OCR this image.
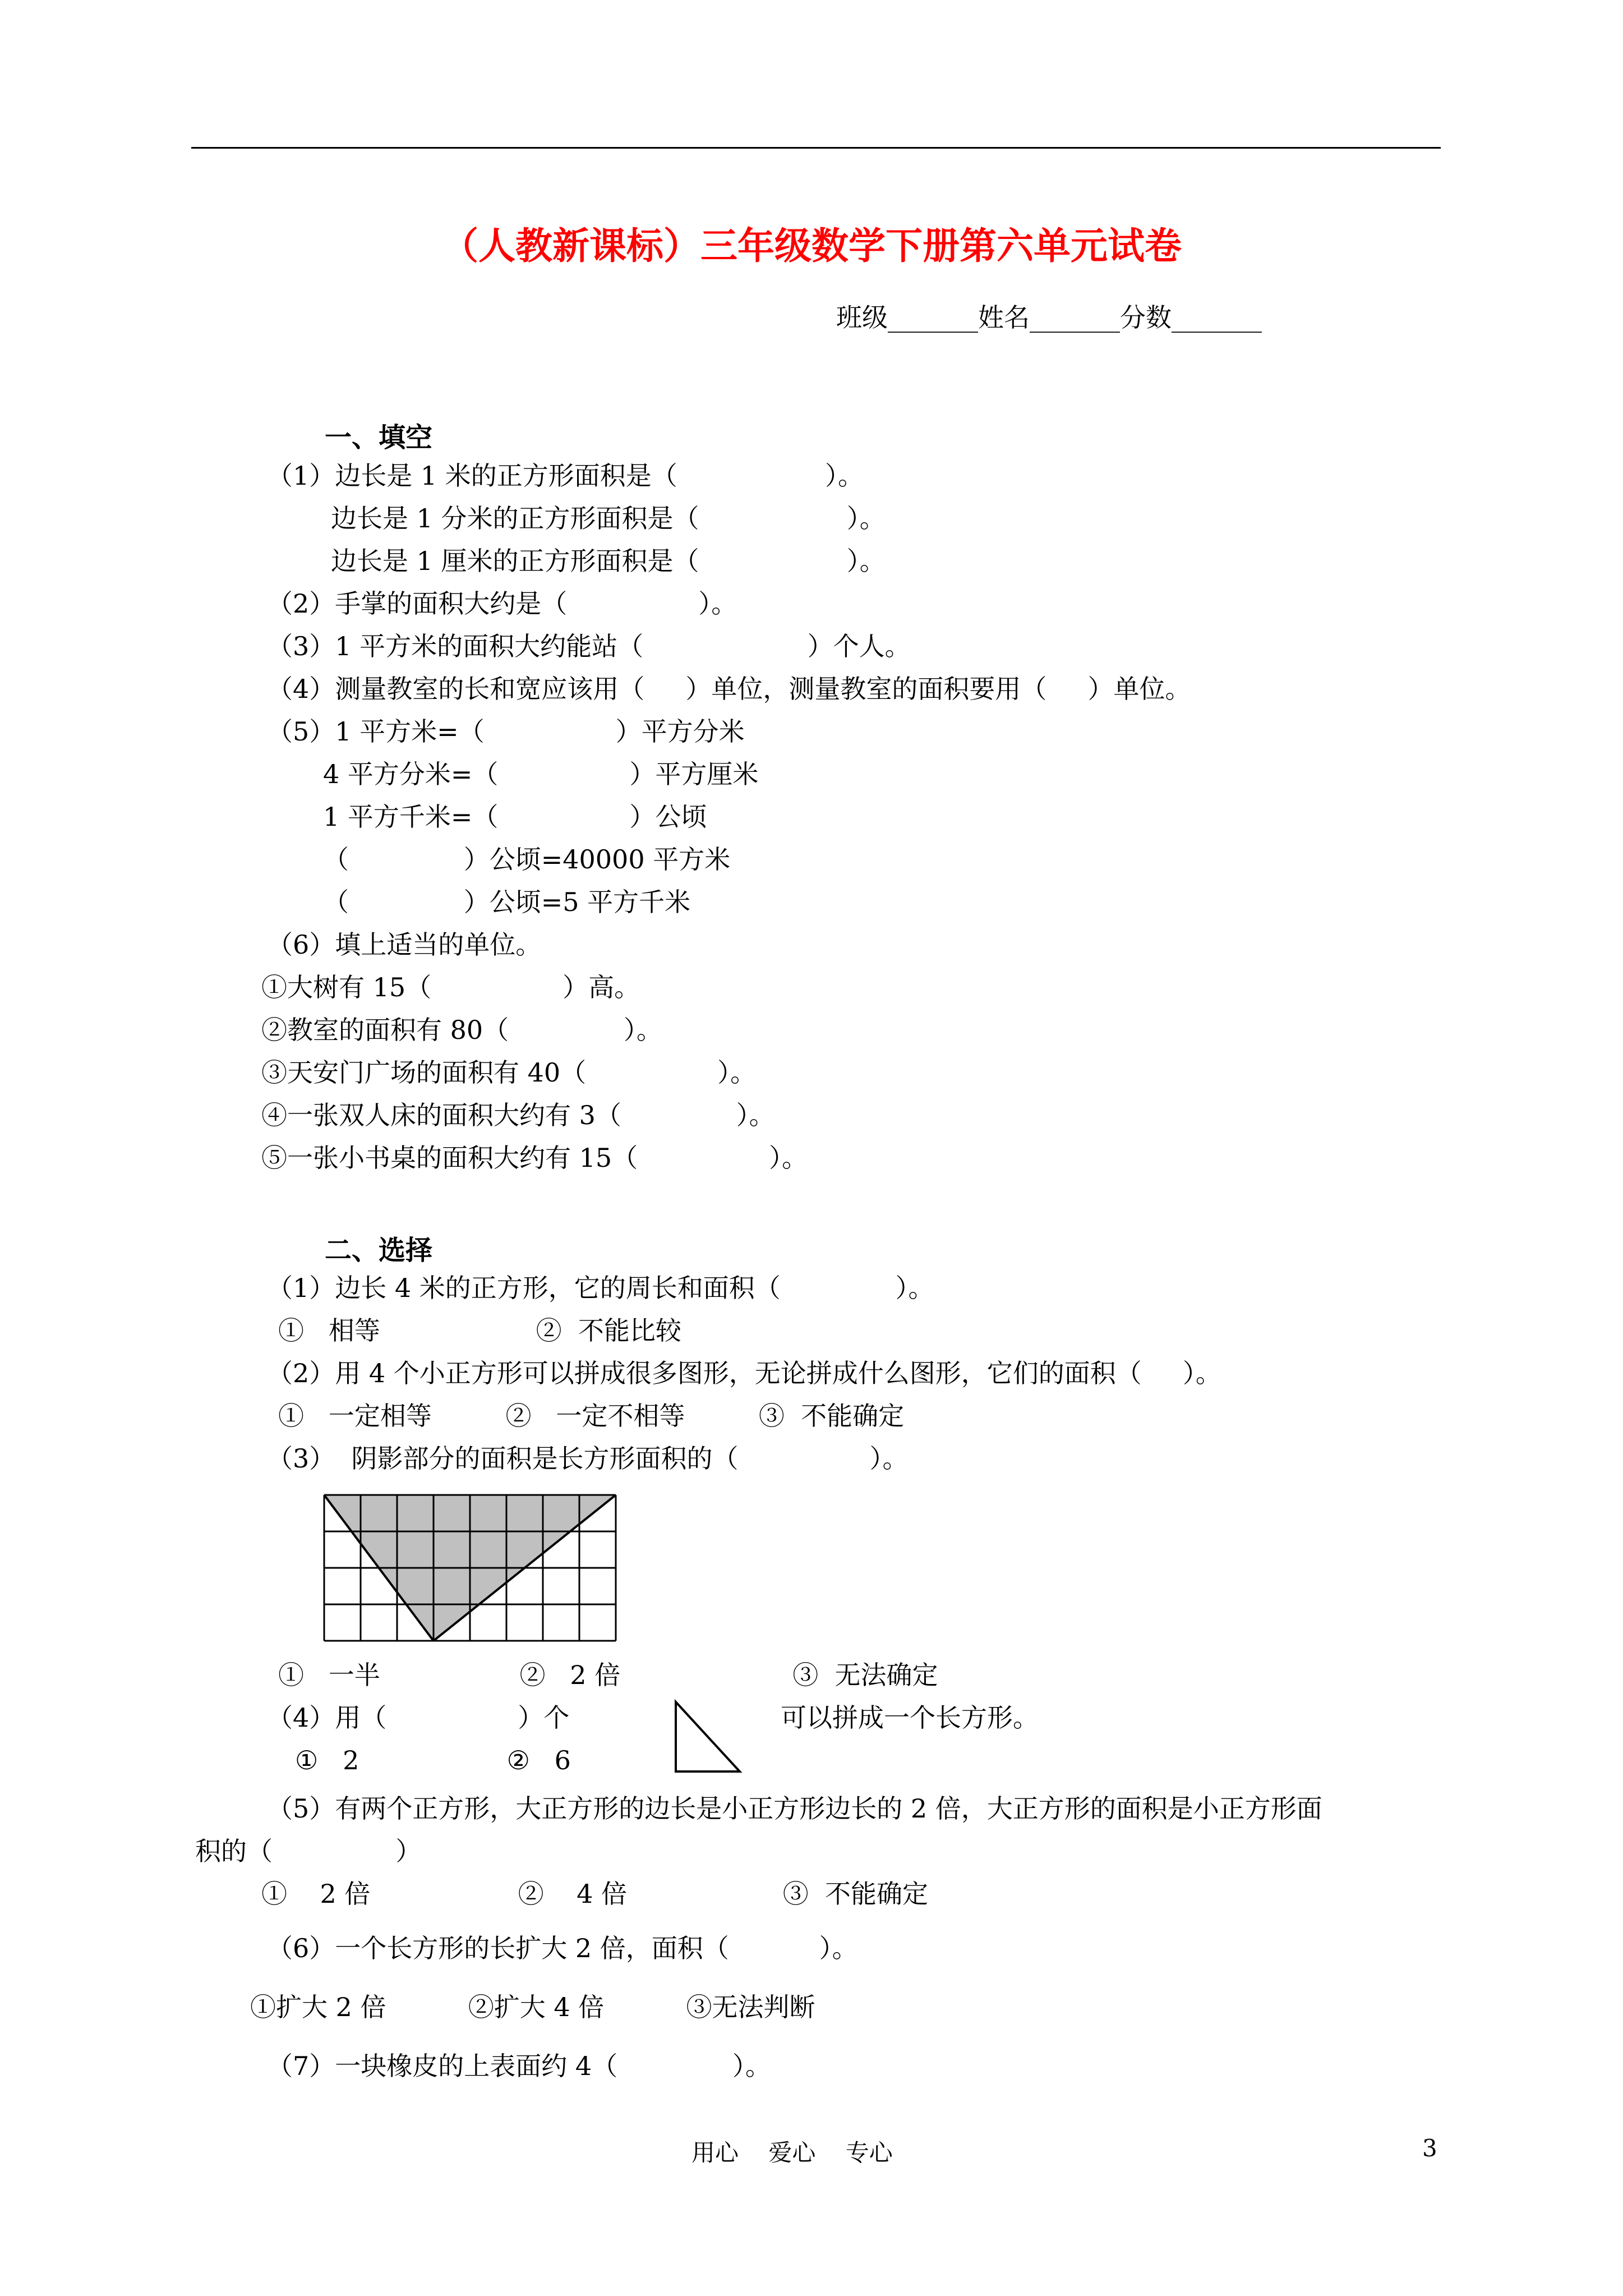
（人教新课标）三年级数学下册第六单元试卷
班级_______姓名_______分数_______
一、填空
（1）边长是 1 米的正方形面积是（                  ）。
边长是 1 分米的正方形面积是（                  ）。
边长是 1 厘米的正方形面积是（                  ）。
（2）手掌的面积大约是（                ）。
（3）1 平方米的面积大约能站（                    ）个人。
（4）测量教室的长和宽应该用（     ）单位，测量教室的面积要用（     ）单位。
（5）1 平方米=（                ）平方分米
4 平方分米=（                ）平方厘米
1 平方千米=（                ）公顷
（              ）公顷=40000 平方米
（              ）公顷=5 平方千米
（6）填上适当的单位。
①大树有 15（                ）高。
②教室的面积有 80（              ）。
③天安门广场的面积有 40（                ）。
④一张双人床的面积大约有 3（              ）。
⑤一张小书桌的面积大约有 15（                ）。
二、选择
（1）边长 4 米的正方形，它的周长和面积（              ）。
①   相等                   ②  不能比较
（2）用 4 个小正方形可以拼成很多图形，无论拼成什么图形，它们的面积（     ）。
①   一定相等         ②   一定不相等         ③  不能确定
（3）  阴影部分的面积是长方形面积的（                ）。
①   一半                 ②   2 倍                     ③  无法确定
（4）用（                ）个	可以拼成一个长方形。
①   2                  ②   6
（5）有两个正方形，大正方形的边长是小正方形边长的 2 倍，大正方形的面积是小正方形面
积的（               ）
①    2 倍                  ②    4 倍                   ③  不能确定
（6）一个长方形的长扩大 2 倍，面积（           ）。
①扩大 2 倍          ②扩大 4 倍          ③无法判断
（7）一块橡皮的上表面约 4（              ）。
用心    爱心    专心	3
